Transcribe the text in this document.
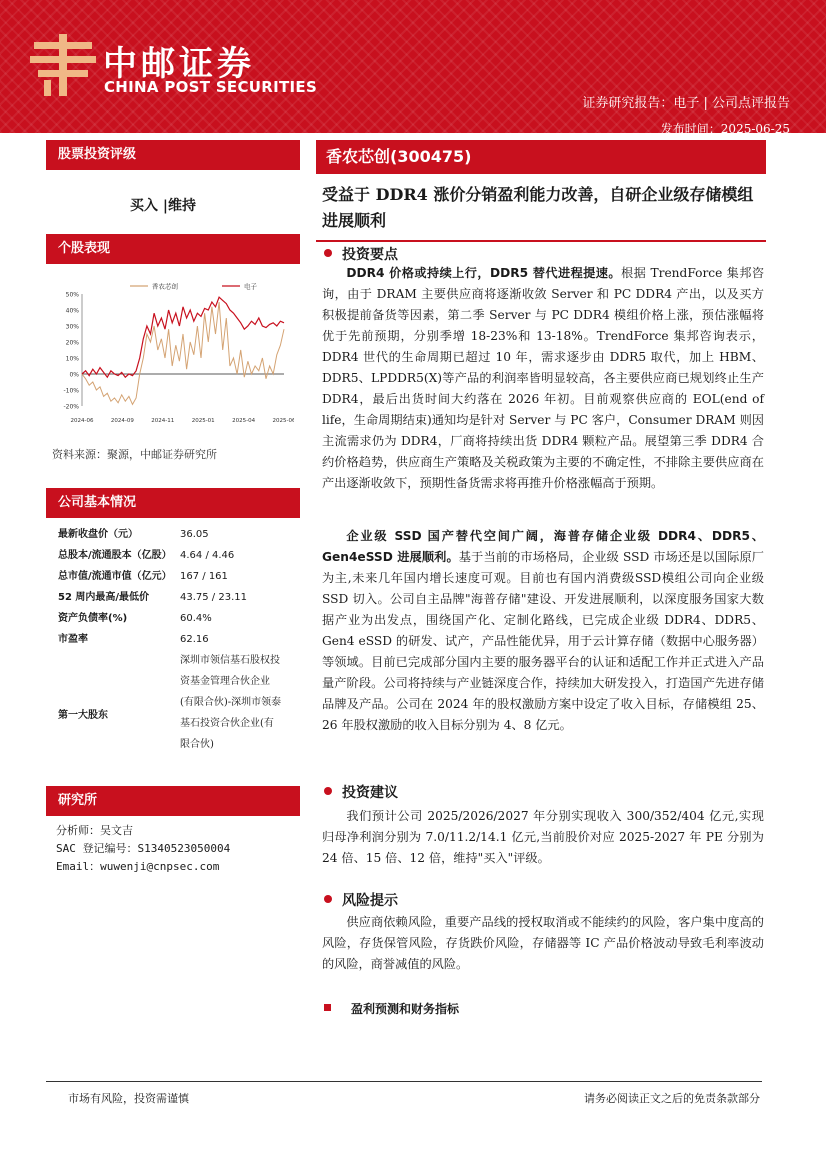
中邮证券
CHINA POST SECURITIES
证券研究报告：电子 | 公司点评报告
发布时间：2025-06-25
股票投资评级
买入 |维持
个股表现
50%
40%
30%
20%
10%
0%
-10%
-20%
2024-06	2024-09	2024-11	2025-01	2025-04	2025-06
香农芯创	电子
资料来源：聚源，中邮证券研究所
公司基本情况
最新收盘价（元）	36.05
总股本/流通股本（亿股） 4.64 / 4.46
总市值/流通市值（亿元） 167 / 161
52 周内最高/最低价	43.75 / 23.11
资产负债率(%)	60.4%
市盈率	62.16
第一大股东
深圳市领信基石股权投
资基金管理合伙企业
(有限合伙)-深圳市领泰
基石投资合伙企业(有
限合伙)
研究所
分析师：吴文吉
SAC 登记编号：S1340523050004
Email：wuwenji@cnpsec.com
香农芯创(300475)
受益于 DDR4 涨价分销盈利能力改善，自研企业级存储模组进展顺利
投资要点
DDR4 价格或持续上行，DDR5 替代进程提速。根据 TrendForce 集邦咨询，由于 DRAM 主要供应商将逐渐收敛 Server 和 PC DDR4 产出，以及买方积极提前备货等因素，第二季 Server 与 PC DDR4 模组价格上涨，预估涨幅将优于先前预期，分别季增 18-23%和 13-18%。TrendForce 集邦咨询表示，DDR4 世代的生命周期已超过 10 年，需求逐步由 DDR5 取代，加上 HBM、DDR5、LPDDR5(X)等产品的利润率皆明显较高，各主要供应商已规划终止生产 DDR4，最后出货时间大约落在 2026 年初。目前观察供应商的 EOL(end of life，生命周期结束)通知均是针对 Server 与 PC 客户，Consumer DRAM 则因主流需求仍为 DDR4，厂商将持续出货 DDR4 颗粒产品。展望第三季 DDR4 合约价格趋势，供应商生产策略及关税政策为主要的不确定性，不排除主要供应商在产出逐渐收敛下，预期性备货需求将再推升价格涨幅高于预期。
企业级 SSD 国产替代空间广阔，海普存储企业级 DDR4、DDR5、Gen4eSSD 进展顺利。基于当前的市场格局，企业级 SSD 市场还是以国际原厂为主,未来几年国内增长速度可观。目前也有国内消费级SSD模组公司向企业级 SSD 切入。公司自主品牌"海普存储"建设、开发进展顺利，以深度服务国家大数据产业为出发点，围绕国产化、定制化路线，已完成企业级 DDR4、DDR5、Gen4 eSSD 的研发、试产，产品性能优异，用于云计算存储（数据中心服务器）等领域。目前已完成部分国内主要的服务器平台的认证和适配工作并正式进入产品量产阶段。公司将持续与产业链深度合作，持续加大研发投入，打造国产先进存储品牌及产品。公司在 2024 年的股权激励方案中设定了收入目标，存储模组 25、26 年股权激励的收入目标分别为 4、8 亿元。
投资建议
我们预计公司 2025/2026/2027 年分别实现收入 300/352/404 亿元,实现归母净利润分别为 7.0/11.2/14.1 亿元,当前股价对应 2025-2027 年 PE 分别为 24 倍、15 倍、12 倍，维持"买入"评级。
风险提示
供应商依赖风险，重要产品线的授权取消或不能续约的风险，客户集中度高的风险，存货保管风险，存货跌价风险，存储器等 IC 产品价格波动导致毛利率波动的风险，商誉减值的风险。
盈利预测和财务指标
市场有风险，投资需谨慎	请务必阅读正文之后的免责条款部分
